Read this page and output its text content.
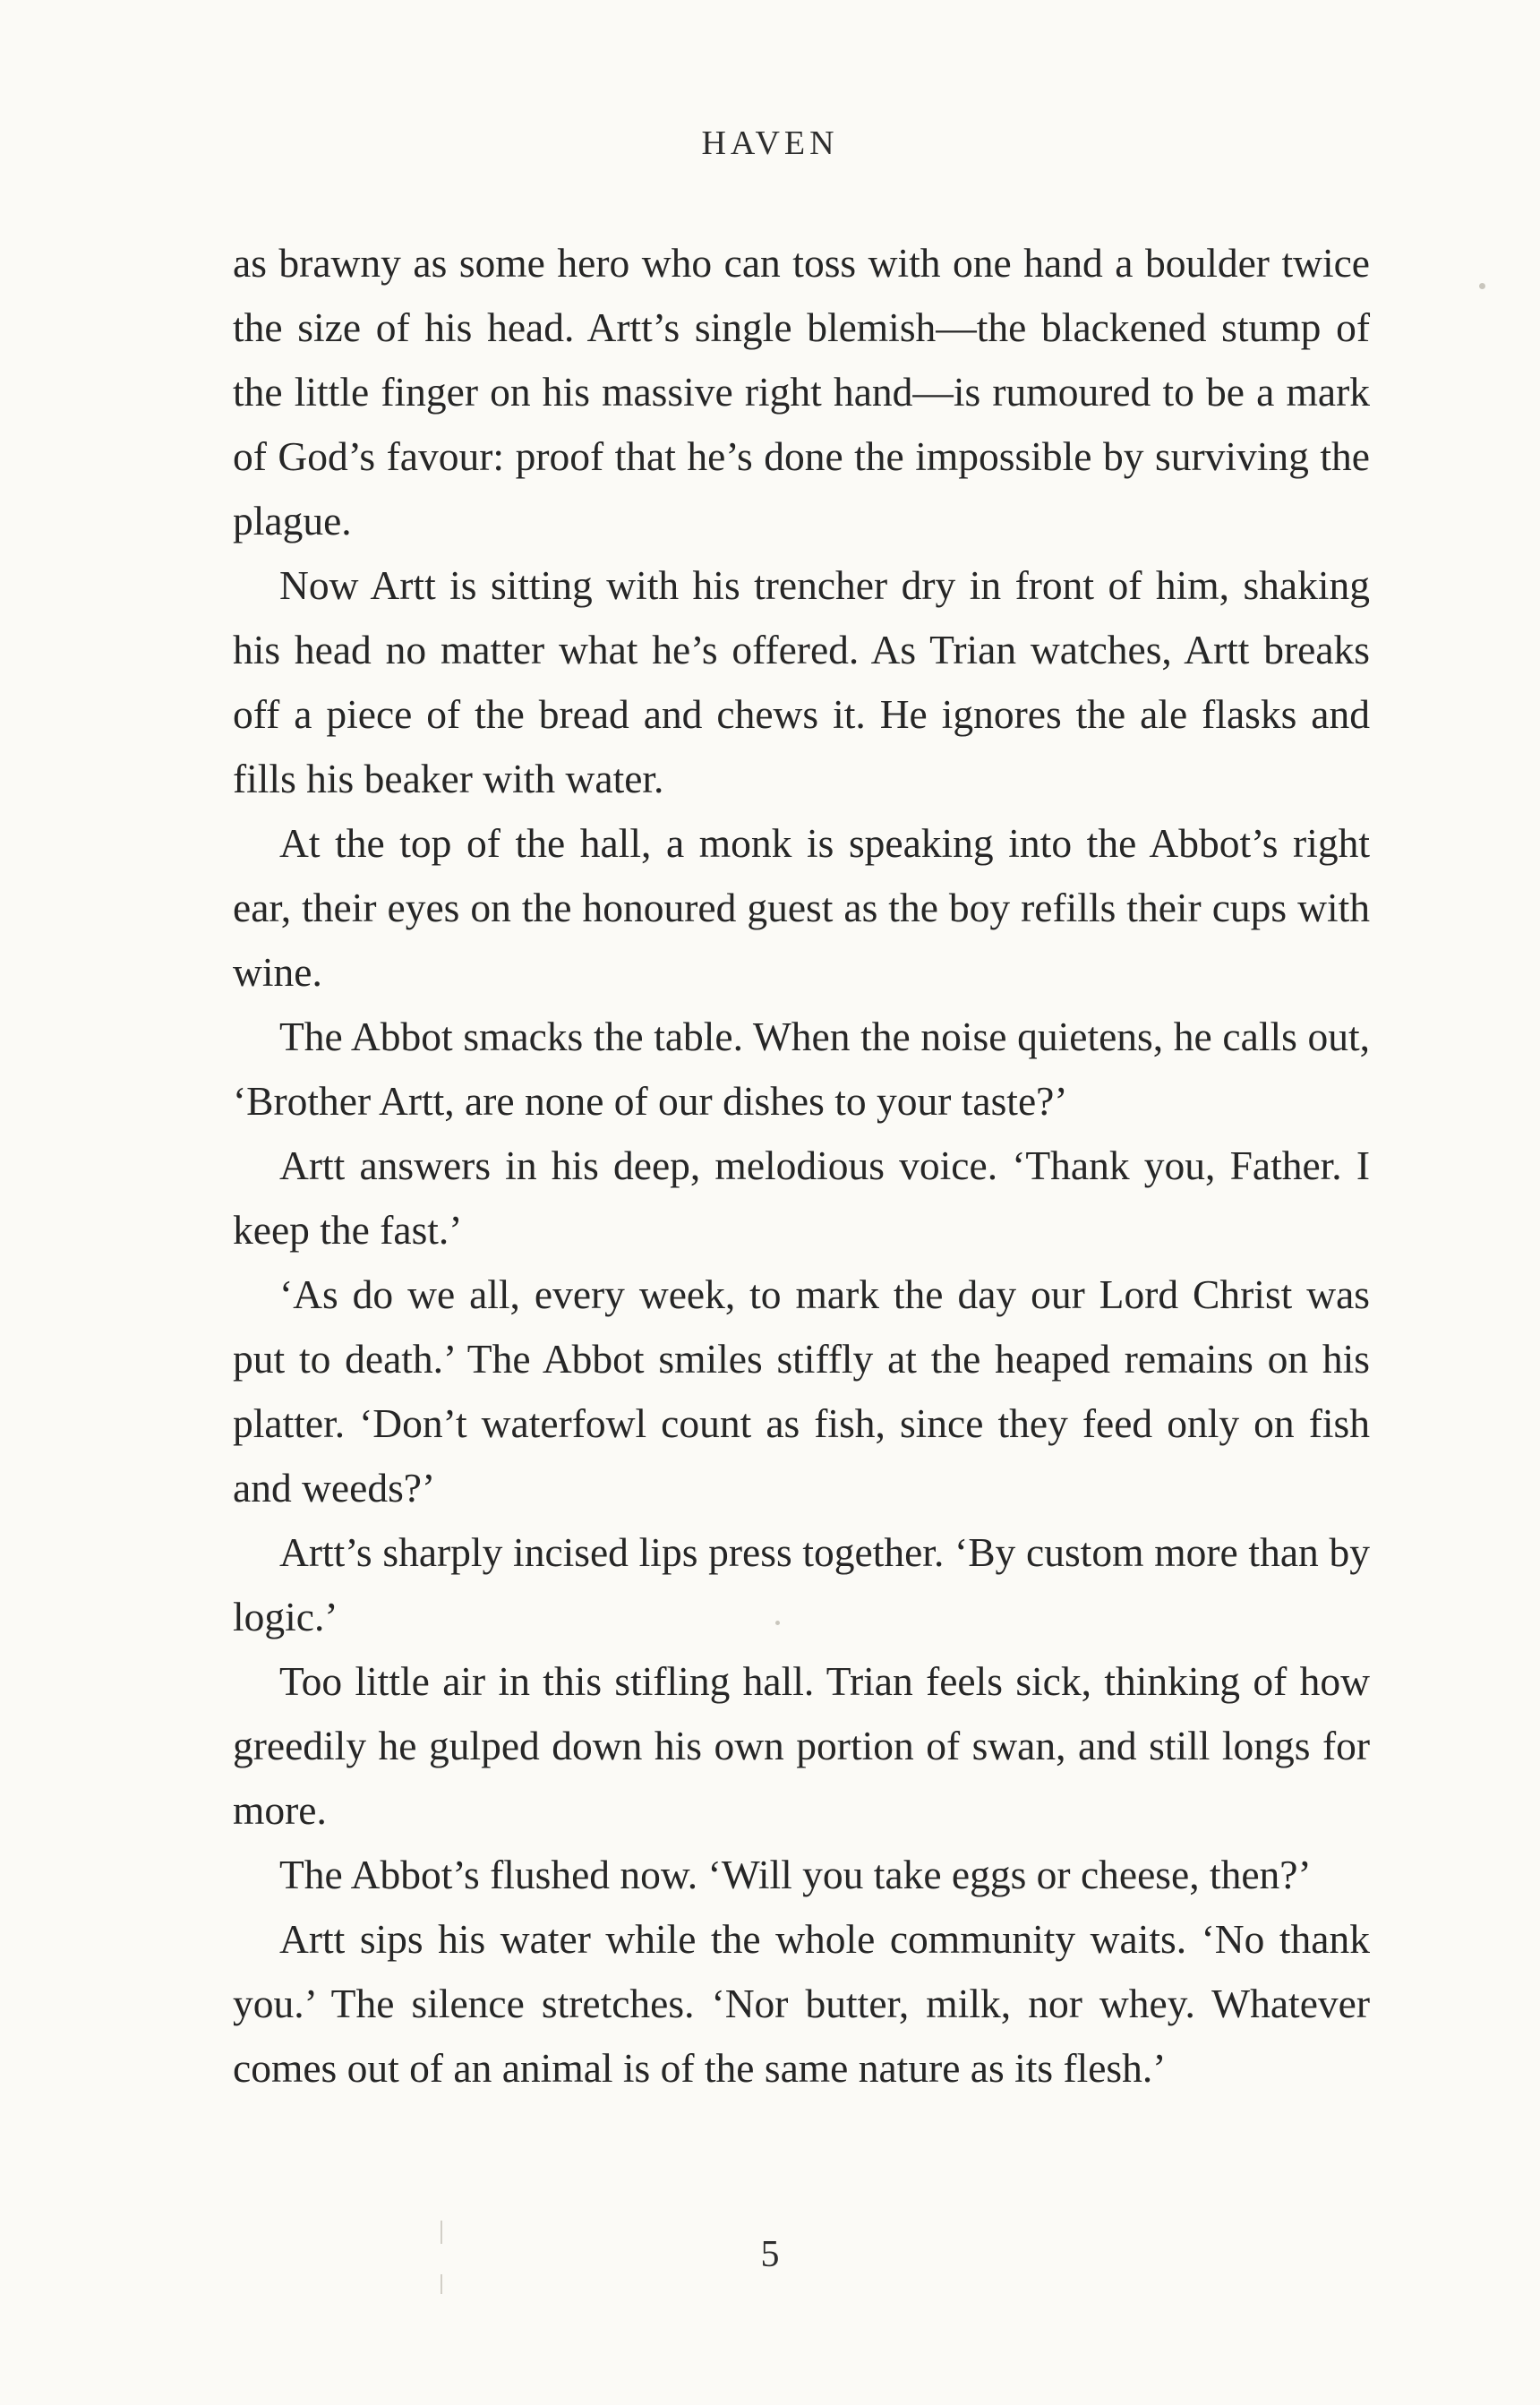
HAVEN

as brawny as some hero who can toss with one hand a boulder twice the size of his head. Artt’s single blemish—the blackened stump of the little finger on his massive right hand—is rumoured to be a mark of God’s favour: proof that he’s done the impossible by surviving the plague.

Now Artt is sitting with his trencher dry in front of him, shaking his head no matter what he’s offered. As Trian watches, Artt breaks off a piece of the bread and chews it. He ignores the ale flasks and fills his beaker with water.

At the top of the hall, a monk is speaking into the Abbot’s right ear, their eyes on the honoured guest as the boy refills their cups with wine.

The Abbot smacks the table. When the noise quietens, he calls out, ‘Brother Artt, are none of our dishes to your taste?’

Artt answers in his deep, melodious voice. ‘Thank you, Father. I keep the fast.’

‘As do we all, every week, to mark the day our Lord Christ was put to death.’ The Abbot smiles stiffly at the heaped remains on his platter. ‘Don’t waterfowl count as fish, since they feed only on fish and weeds?’

Artt’s sharply incised lips press together. ‘By custom more than by logic.’

Too little air in this stifling hall. Trian feels sick, thinking of how greedily he gulped down his own portion of swan, and still longs for more.

The Abbot’s flushed now. ‘Will you take eggs or cheese, then?’

Artt sips his water while the whole community waits. ‘No thank you.’ The silence stretches. ‘Nor butter, milk, nor whey. Whatever comes out of an animal is of the same nature as its flesh.’

5
